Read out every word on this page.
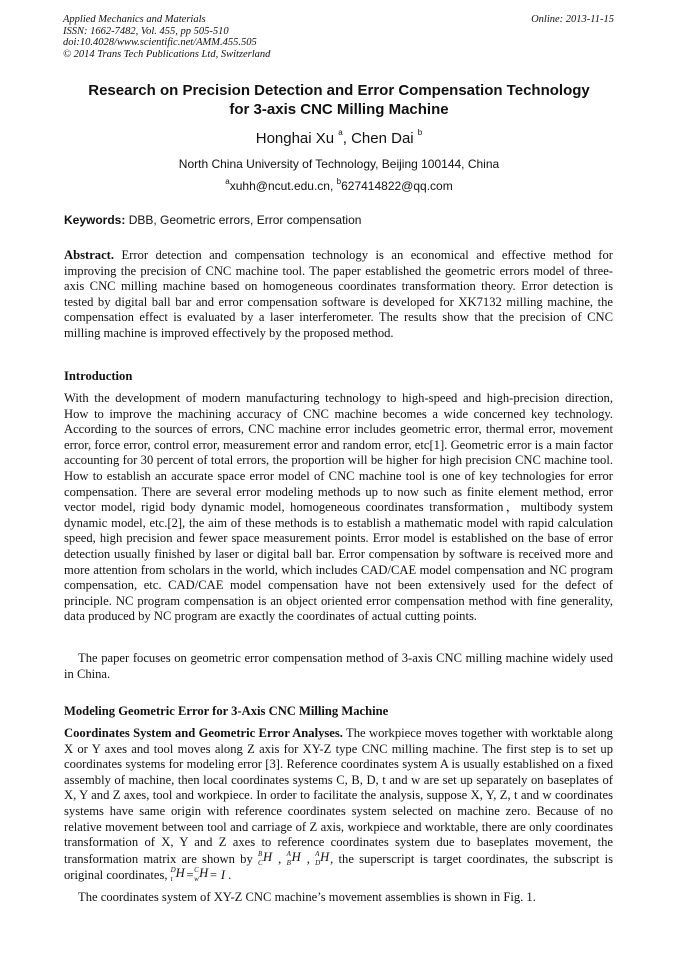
Applied Mechanics and Materials
ISSN: 1662-7482, Vol. 455, pp 505-510
doi:10.4028/www.scientific.net/AMM.455.505
© 2014 Trans Tech Publications Ltd, Switzerland
Online: 2013-11-15
Research on Precision Detection and Error Compensation Technology
for 3-axis CNC Milling Machine
Honghai Xu $^a$, Chen Dai $^b$
North China University of Technology, Beijing 100144, China
$^a$xuhh@ncut.edu.cn, $^b$627414822@qq.com
Keywords: DBB, Geometric errors, Error compensation
Abstract. Error detection and compensation technology is an economical and effective method for improving the precision of CNC machine tool. The paper established the geometric errors model of three-axis CNC milling machine based on homogeneous coordinates transformation theory. Error detection is tested by digital ball bar and error compensation software is developed for XK7132 milling machine, the compensation effect is evaluated by a laser interferometer. The results show that the precision of CNC milling machine is improved effectively by the proposed method.
Introduction
With the development of modern manufacturing technology to high-speed and high-precision direction, How to improve the machining accuracy of CNC machine becomes a wide concerned key technology. According to the sources of errors, CNC machine error includes geometric error, thermal error, movement error, force error, control error, measurement error and random error, etc[1]. Geometric error is a main factor accounting for 30 percent of total errors, the proportion will be higher for high precision CNC machine tool. How to establish an accurate space error model of CNC machine tool is one of key technologies for error compensation. There are several error modeling methods up to now such as finite element method, error vector model, rigid body dynamic model, homogeneous coordinates transformation，multibody system dynamic model, etc.[2], the aim of these methods is to establish a mathematic model with rapid calculation speed, high precision and fewer space measurement points. Error model is established on the base of error detection usually finished by laser or digital ball bar. Error compensation by software is received more and more attention from scholars in the world, which includes CAD/CAE model compensation and NC program compensation, etc. CAD/CAE model compensation have not been extensively used for the defect of principle. NC program compensation is an object oriented error compensation method with fine generality, data produced by NC program are exactly the coordinates of actual cutting points.
The paper focuses on geometric error compensation method of 3-axis CNC milling machine widely used in China.
Modeling Geometric Error for 3-Axis CNC Milling Machine
Coordinates System and Geometric Error Analyses. The workpiece moves together with worktable along X or Y axes and tool moves along Z axis for XY-Z type CNC milling machine. The first step is to set up coordinates systems for modeling error [3]. Reference coordinates system A is usually established on a fixed assembly of machine, then local coordinates systems C, B, D, t and w are set up separately on baseplates of X, Y and Z axes, tool and workpiece. In order to facilitate the analysis, suppose X, Y, Z, t and w coordinates systems have same origin with reference coordinates system selected on machine zero. Because of no relative movement between tool and carriage of Z axis, workpiece and worktable, there are only coordinates transformation of X, Y and Z axes to reference coordinates system due to baseplates movement, the transformation matrix are shown by B
C H , A
B H , A
D H , the superscript is target coordinates, the subscript is original coordinates, D
t H = C
w H = I .
The coordinates system of XY-Z CNC machine’s movement assemblies is shown in Fig. 1.
